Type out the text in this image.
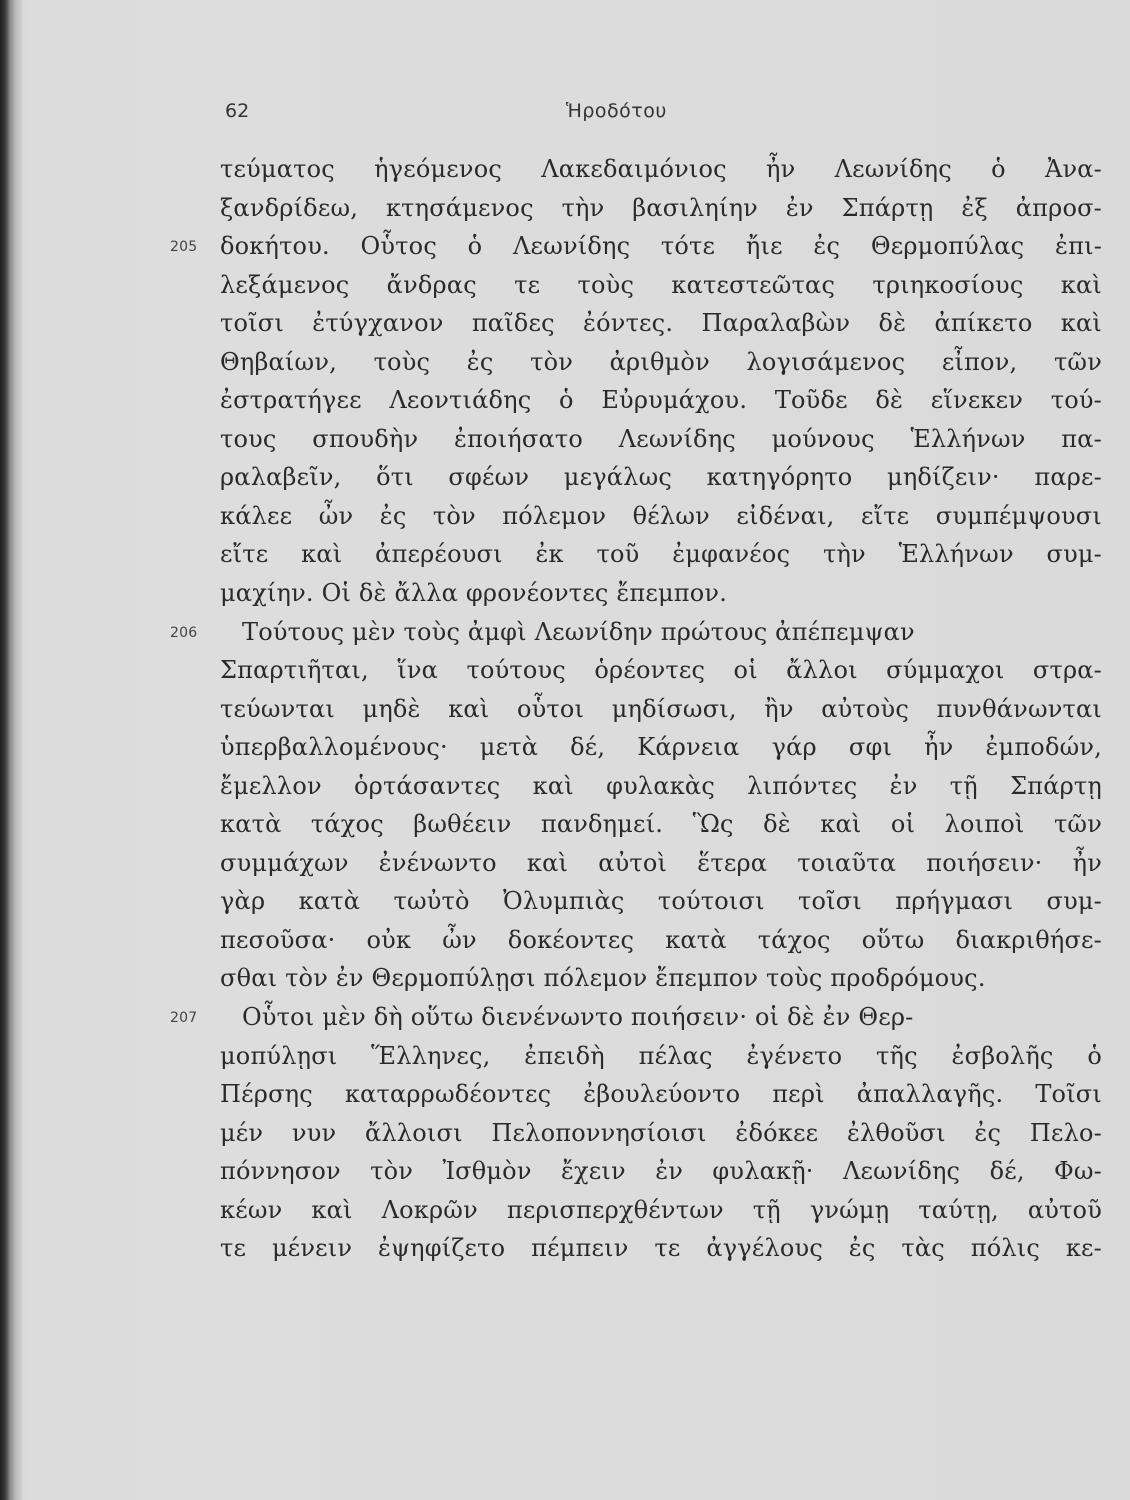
62	Ἡροδότου
τεύματος ἡγεόμενος Λακεδαιμόνιος ἦν Λεωνίδης ὁ Ἀνα-
ξανδρίδεω, κτησάμενος τὴν βασιληίην ἐν Σπάρτῃ ἐξ ἀπροσ-
205 δοκήτου. Οὗτος ὁ Λεωνίδης τότε ἤιε ἐς Θερμοπύλας ἐπι-
λεξάμενος ἄνδρας τε τοὺς κατεστεῶτας τριηκοσίους καὶ
τοῖσι ἐτύγχανον παῖδες ἐόντες. Παραλαβὼν δὲ ἀπίκετο καὶ
Θηβαίων, τοὺς ἐς τὸν ἀριθμὸν λογισάμενος εἶπον, τῶν
ἐστρατήγεε Λεοντιάδης ὁ Εὐρυμάχου. Τοῦδε δὲ εἵνεκεν τού-
τους σπουδὴν ἐποιήσατο Λεωνίδης μούνους Ἑλλήνων πα-
ραλαβεῖν, ὅτι σφέων μεγάλως κατηγόρητο μηδίζειν· παρε-
κάλεε ὦν ἐς τὸν πόλεμον θέλων εἰδέναι, εἴτε συμπέμψουσι
εἴτε καὶ ἀπερέουσι ἐκ τοῦ ἐμφανέος τὴν Ἑλλήνων συμ-
μαχίην. Οἱ δὲ ἄλλα φρονέοντες ἔπεμπον.
206 Τούτους μὲν τοὺς ἀμφὶ Λεωνίδην πρώτους ἀπέπεμψαν
Σπαρτιῆται, ἵνα τούτους ὁρέοντες οἱ ἄλλοι σύμμαχοι στρα-
τεύωνται μηδὲ καὶ οὗτοι μηδίσωσι, ἢν αὐτοὺς πυνθάνωνται
ὑπερβαλλομένους· μετὰ δέ, Κάρνεια γάρ σφι ἦν ἐμποδών,
ἔμελλον ὁρτάσαντες καὶ φυλακὰς λιπόντες ἐν τῇ Σπάρτῃ
κατὰ τάχος βωθέειν πανδημεί. Ὣς δὲ καὶ οἱ λοιποὶ τῶν
συμμάχων ἐνένωντο καὶ αὐτοὶ ἕτερα τοιαῦτα ποιήσειν· ἦν
γὰρ κατὰ τωὐτὸ Ὀλυμπιὰς τούτοισι τοῖσι πρήγμασι συμ-
πεσοῦσα· οὐκ ὦν δοκέοντες κατὰ τάχος οὕτω διακριθήσε-
σθαι τὸν ἐν Θερμοπύλῃσι πόλεμον ἔπεμπον τοὺς προδρόμους.
207 Οὗτοι μὲν δὴ οὕτω διενένωντο ποιήσειν· οἱ δὲ ἐν Θερ-
μοπύλῃσι Ἕλληνες, ἐπειδὴ πέλας ἐγένετο τῆς ἐσβολῆς ὁ
Πέρσης καταρρωδέοντες ἐβουλεύοντο περὶ ἀπαλλαγῆς. Τοῖσι
μέν νυν ἄλλοισι Πελοποννησίοισι ἐδόκεε ἐλθοῦσι ἐς Πελο-
πόννησον τὸν Ἰσθμὸν ἔχειν ἐν φυλακῇ· Λεωνίδης δέ, Φω-
κέων καὶ Λοκρῶν περισπερχθέντων τῇ γνώμῃ ταύτῃ, αὐτοῦ
τε μένειν ἐψηφίζετο πέμπειν τε ἀγγέλους ἐς τὰς πόλις κε-
